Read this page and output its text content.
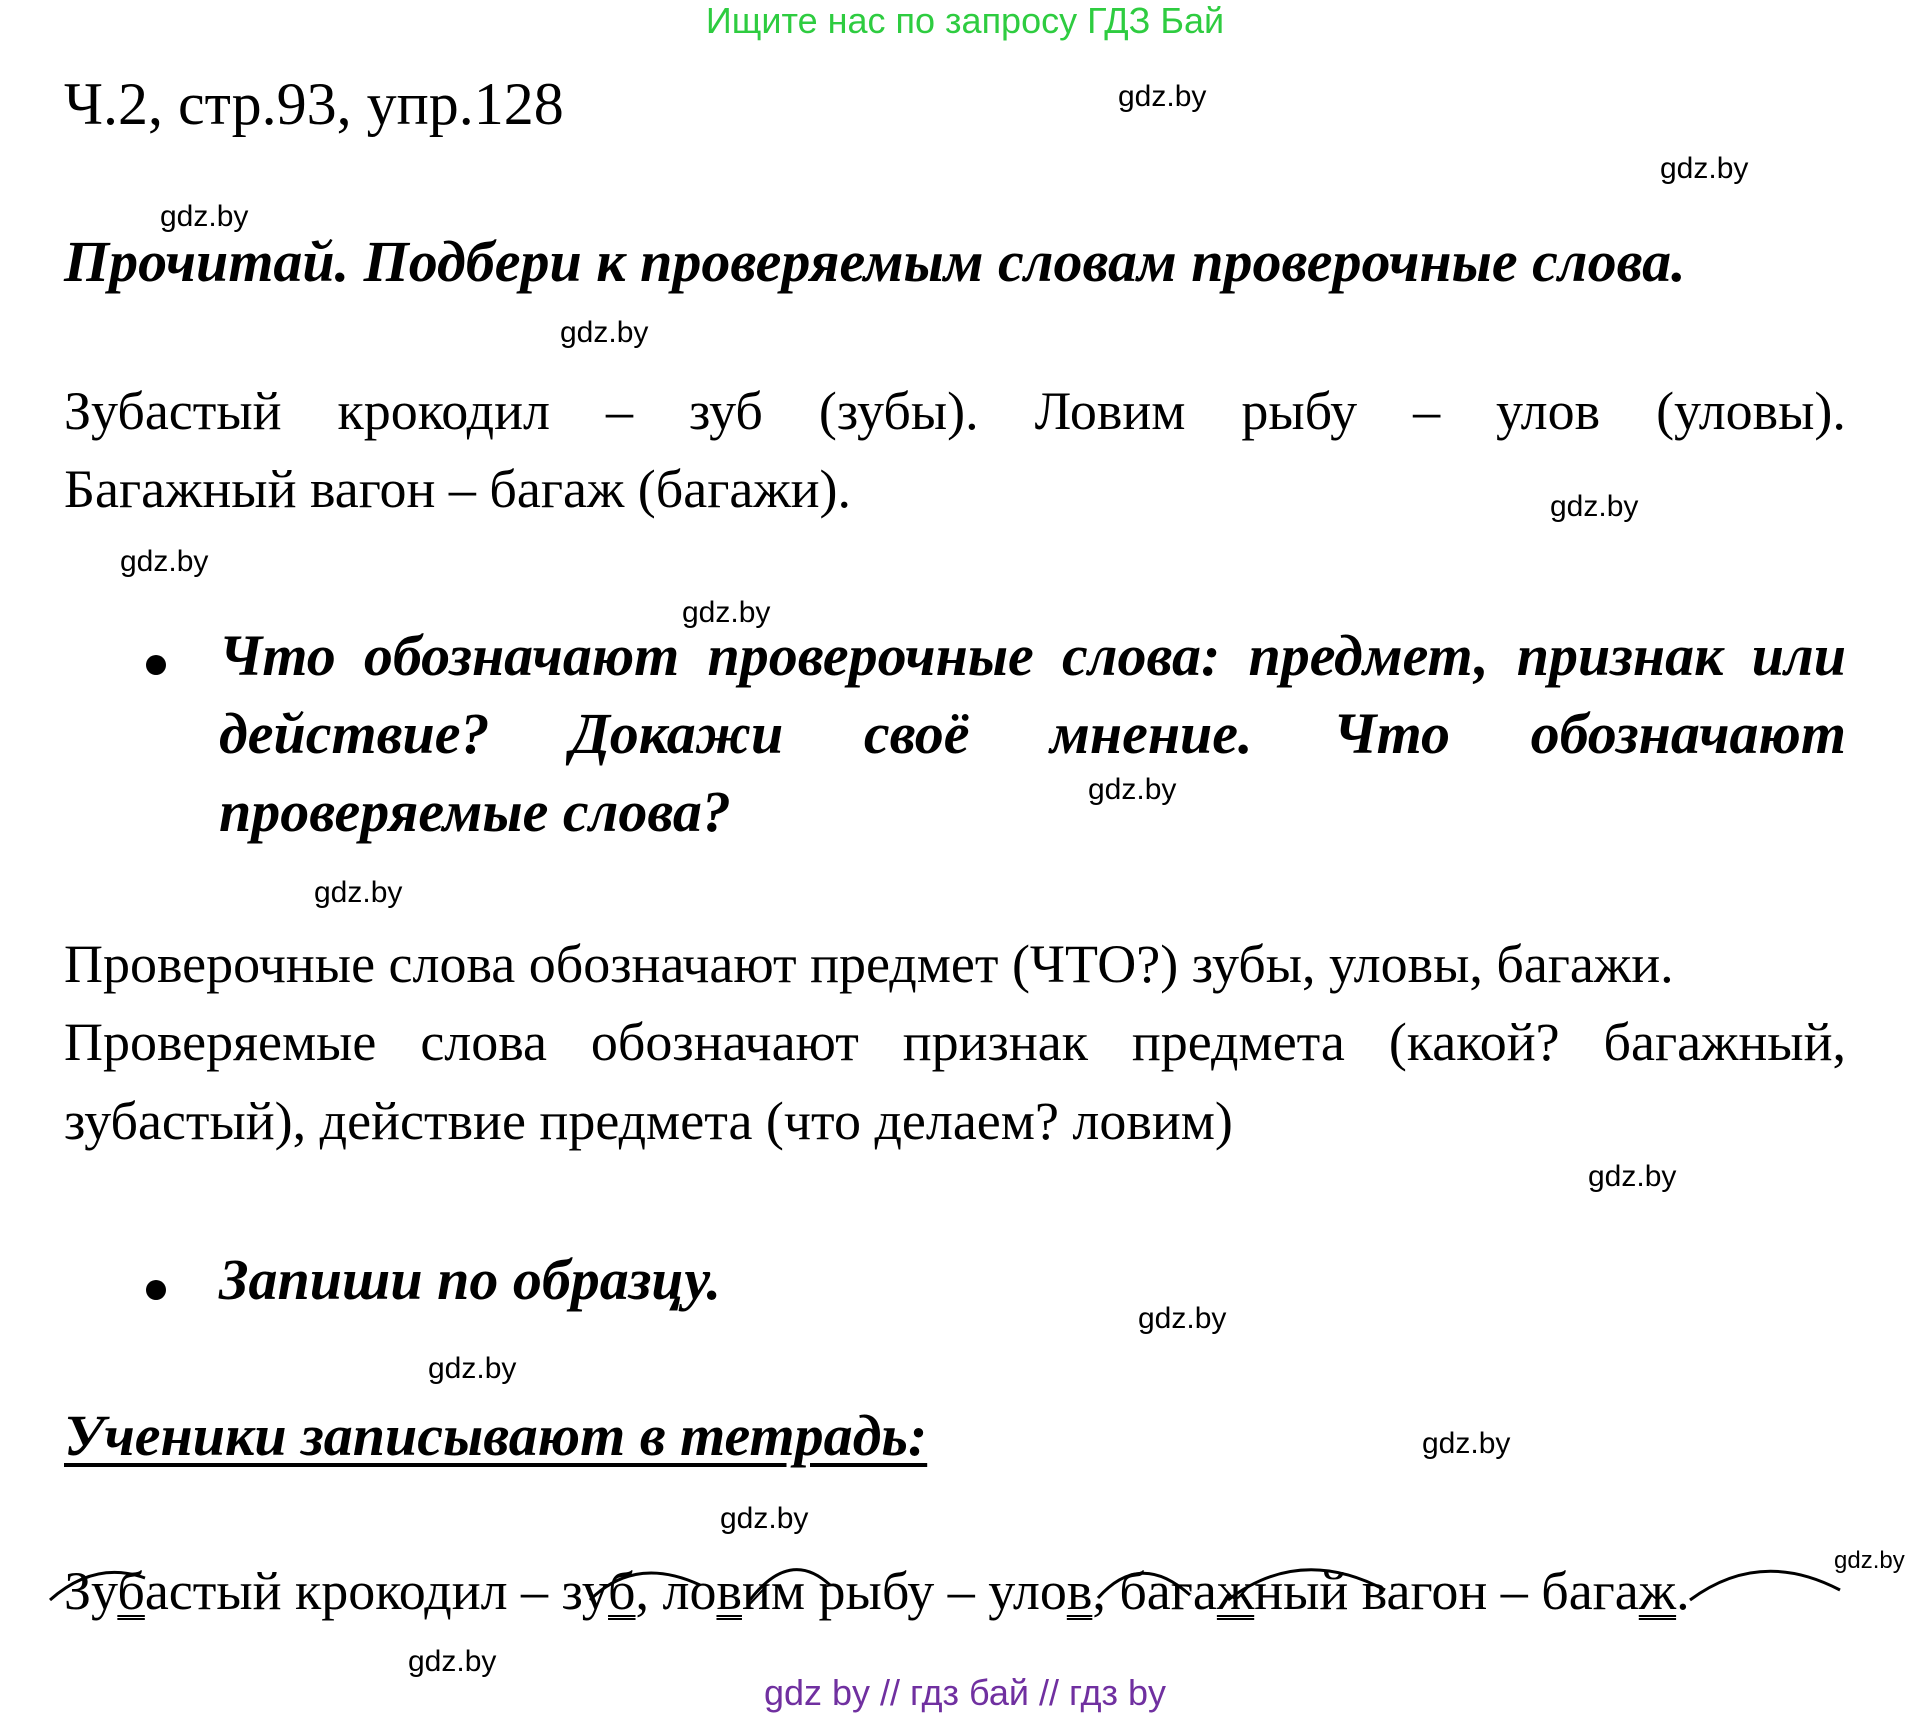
Ищите нас по запросу ГДЗ Бай
Ч.2, стр.93, упр.128
Прочитай. Подбери к проверяемым словам проверочные слова.
Зубастый крокодил – зуб (зубы). Ловим рыбу – улов (уловы).
Багажный вагон – багаж (багажи).
Что обозначают проверочные слова: предмет, признак или
действие? Докажи своё мнение. Что обозначают
проверяемые слова?
Проверочные слова обозначают предмет (ЧТО?) зубы, уловы, багажи.
Проверяемые слова обозначают признак предмета (какой? багажный,
зубастый), действие предмета (что делаем? ловим)
Запиши по образцу.
Ученики записывают в тетрадь:
Зубастый крокодил – зуб, ловим рыбу – улов, багажный вагон – багаж.
gdz.by
gdz.by
gdz.by
gdz.by
gdz.by
gdz.by
gdz.by
gdz.by
gdz.by
gdz.by
gdz.by
gdz.by
gdz.by
gdz.by
gdz.by
gdz.by
gdz by // гдз бай // гдз by
